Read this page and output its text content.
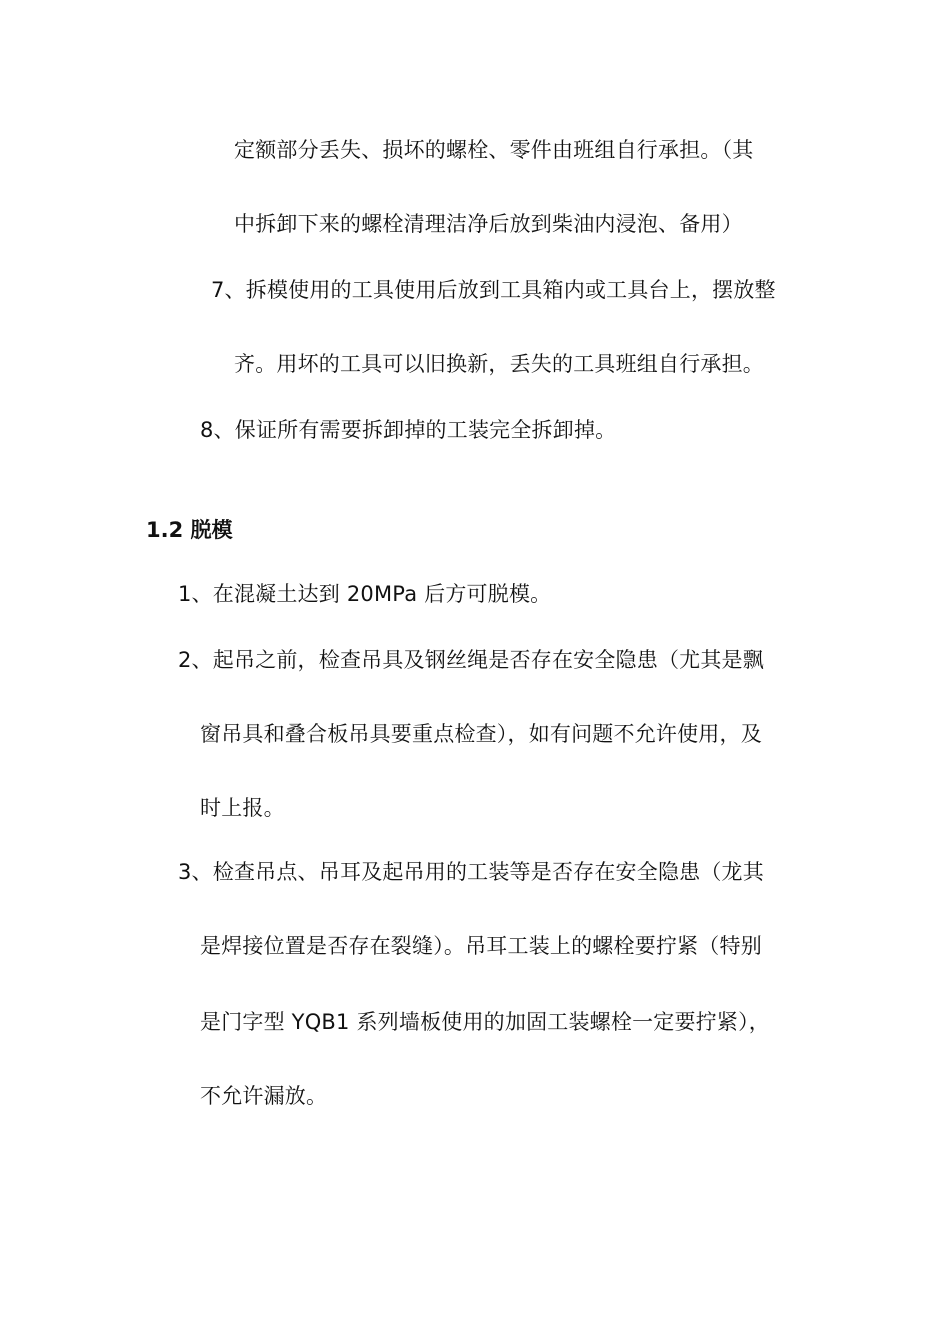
定额部分丢失、损坏的螺栓、零件由班组自行承担。（其
中拆卸下来的螺栓清理洁净后放到柴油内浸泡、备用）
7、拆模使用的工具使用后放到工具箱内或工具台上，摆放整
齐。用坏的工具可以旧换新，丢失的工具班组自行承担。
8、保证所有需要拆卸掉的工装完全拆卸掉。
1.2 脱模
1、在混凝土达到 20MPa 后方可脱模。
2、起吊之前，检查吊具及钢丝绳是否存在安全隐患（尤其是飘
窗吊具和叠合板吊具要重点检查），如有问题不允许使用，及
时上报。
3、检查吊点、吊耳及起吊用的工装等是否存在安全隐患（龙其
是焊接位置是否存在裂缝）。吊耳工装上的螺栓要拧紧（特别
是门字型 YQB1 系列墙板使用的加固工装螺栓一定要拧紧），
不允许漏放。
